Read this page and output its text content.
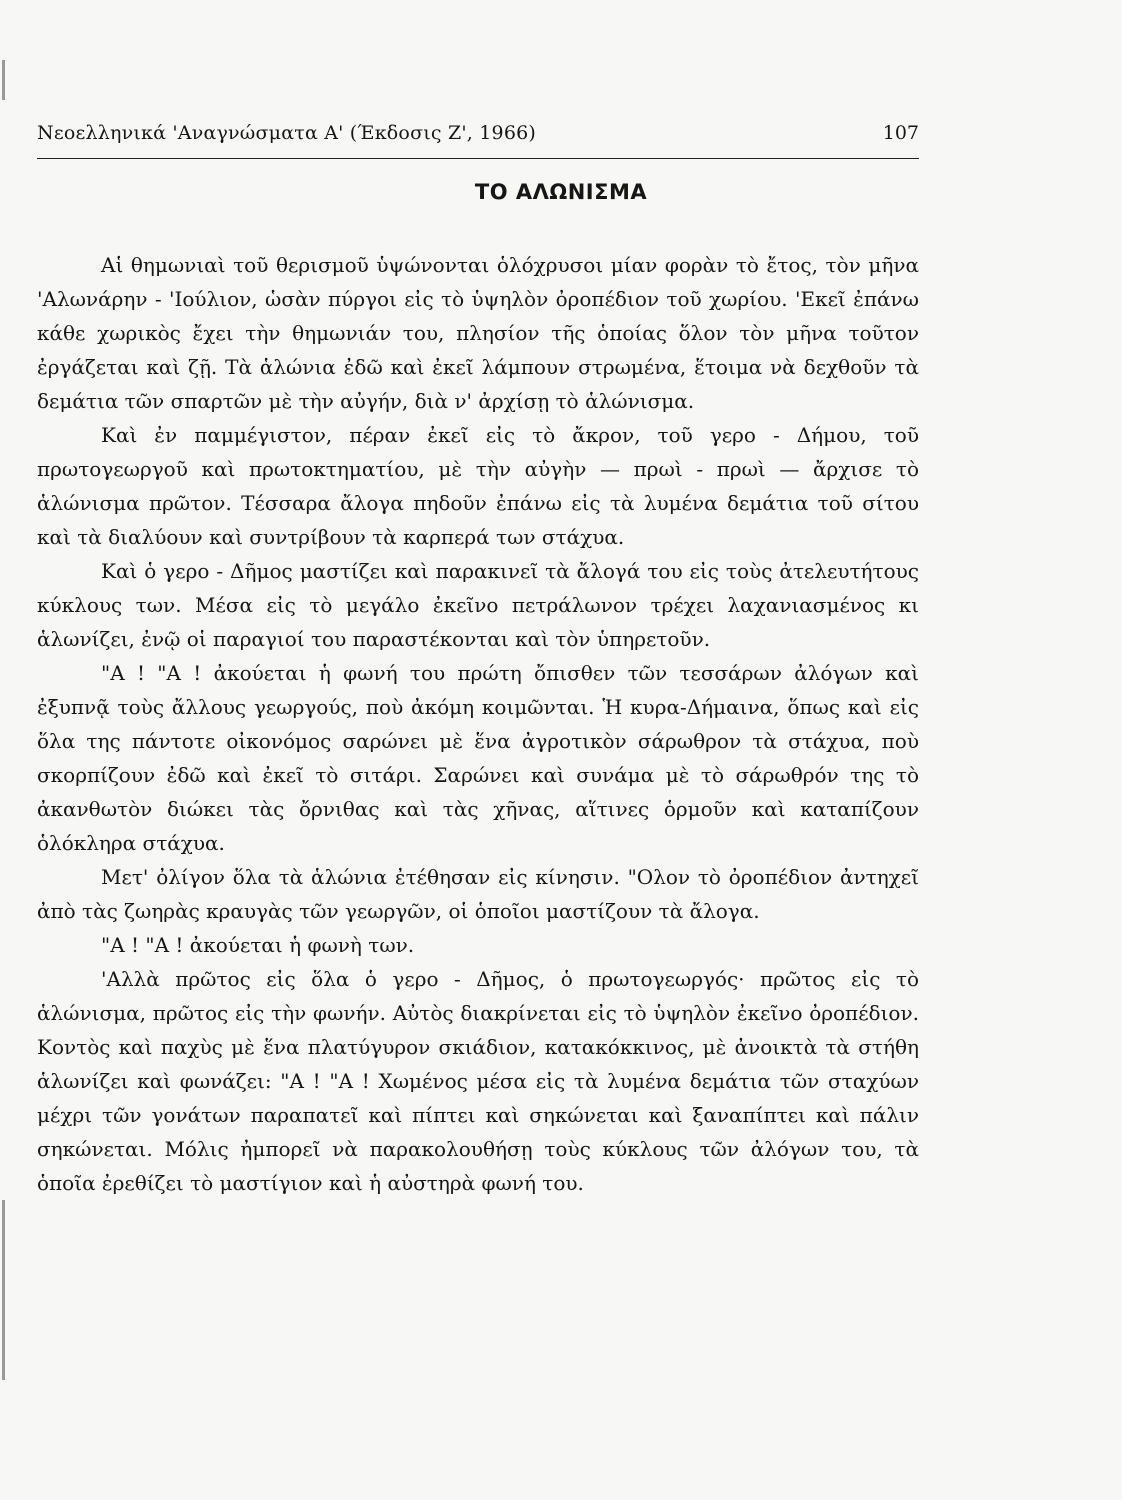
Νεοελληνικά 'Αναγνώσματα Α' (Έκδοσις Ζ', 1966)	107
ΤΟ ΑΛΩΝΙΣΜΑ

Αἱ θημωνιαὶ τοῦ θερισμοῦ ὑψώνονται ὁλόχρυσοι μίαν φορὰν τὸ ἔτος, τὸν μῆνα 'Αλωνάρην - 'Ιούλιον, ὡσὰν πύργοι εἰς τὸ ὑψηλὸν ὀροπέδιον τοῦ χωρίου. 'Εκεῖ ἐπάνω κάθε χωρικὸς ἔχει τὴν θημωνιάν του, πλησίον τῆς ὁποίας ὅλον τὸν μῆνα τοῦτον ἐργάζεται καὶ ζῇ. Τὰ ἁλώνια ἐδῶ καὶ ἐκεῖ λάμπουν στρωμένα, ἕτοιμα νὰ δεχθοῦν τὰ δεμάτια τῶν σπαρτῶν μὲ τὴν αὐγήν, διὰ ν' ἀρχίσῃ τὸ ἁλώνισμα.

Καὶ ἐν παμμέγιστον, πέραν ἐκεῖ εἰς τὸ ἄκρον, τοῦ γερο - Δήμου, τοῦ πρωτογεωργοῦ καὶ πρωτοκτηματίου, μὲ τὴν αὐγὴν — πρωὶ - πρωὶ — ἄρχισε τὸ ἁλώνισμα πρῶτον. Τέσσαρα ἄλογα πηδοῦν ἐπάνω εἰς τὰ λυμένα δεμάτια τοῦ σίτου καὶ τὰ διαλύουν καὶ συντρίβουν τὰ καρπερά των στάχυα.

Καὶ ὁ γερο - Δῆμος μαστίζει καὶ παρακινεῖ τὰ ἄλογά του εἰς τοὺς ἀτελευτήτους κύκλους των. Μέσα εἰς τὸ μεγάλο ἐκεῖνο πετράλωνον τρέχει λαχανιασμένος κι ἁλωνίζει, ἐνῷ οἱ παραγιοί του παραστέκονται καὶ τὸν ὑπηρετοῦν.

"Α ! "Α ! ἀκούεται ἡ φωνή του πρώτη ὄπισθεν τῶν τεσσάρων ἀλόγων καὶ ἐξυπνᾷ τοὺς ἄλλους γεωργούς, ποὺ ἀκόμη κοιμῶνται. Ἡ κυρα-Δήμαινα, ὅπως καὶ εἰς ὅλα της πάντοτε οἰκονόμος σαρώνει μὲ ἕνα ἀγροτικὸν σάρωθρον τὰ στάχυα, ποὺ σκορπίζουν ἐδῶ καὶ ἐκεῖ τὸ σιτάρι. Σαρώνει καὶ συνάμα μὲ τὸ σάρωθρόν της τὸ ἀκανθωτὸν διώκει τὰς ὄρνιθας καὶ τὰς χῆνας, αἵτινες ὁρμοῦν καὶ καταπίζουν ὁλόκληρα στάχυα.

Μετ' ὀλίγον ὅλα τὰ ἁλώνια ἐτέθησαν εἰς κίνησιν. "Ολον τὸ ὀροπέδιον ἀντηχεῖ ἀπὸ τὰς ζωηρὰς κραυγὰς τῶν γεωργῶν, οἱ ὁποῖοι μαστίζουν τὰ ἄλογα.

"Α ! "Α ! ἀκούεται ἡ φωνὴ των.

'Αλλὰ πρῶτος εἰς ὅλα ὁ γερο - Δῆμος, ὁ πρωτογεωργός· πρῶτος εἰς τὸ ἁλώνισμα, πρῶτος εἰς τὴν φωνήν. Αὐτὸς διακρίνεται εἰς τὸ ὑψηλὸν ἐκεῖνο ὀροπέδιον. Κοντὸς καὶ παχὺς μὲ ἕνα πλατύγυρον σκιάδιον, κατακόκκινος, μὲ ἀνοικτὰ τὰ στήθη ἁλωνίζει καὶ φωνάζει: "Α ! "Α ! Χωμένος μέσα εἰς τὰ λυμένα δεμάτια τῶν σταχύων μέχρι τῶν γονάτων παραπατεῖ καὶ πίπτει καὶ σηκώνεται καὶ ξαναπίπτει καὶ πάλιν σηκώνεται. Μόλις ἠμπορεῖ νὰ παρακολουθήσῃ τοὺς κύκλους τῶν ἀλόγων του, τὰ ὁποῖα ἐρεθίζει τὸ μαστίγιον καὶ ἡ αὐστηρὰ φωνή του.
